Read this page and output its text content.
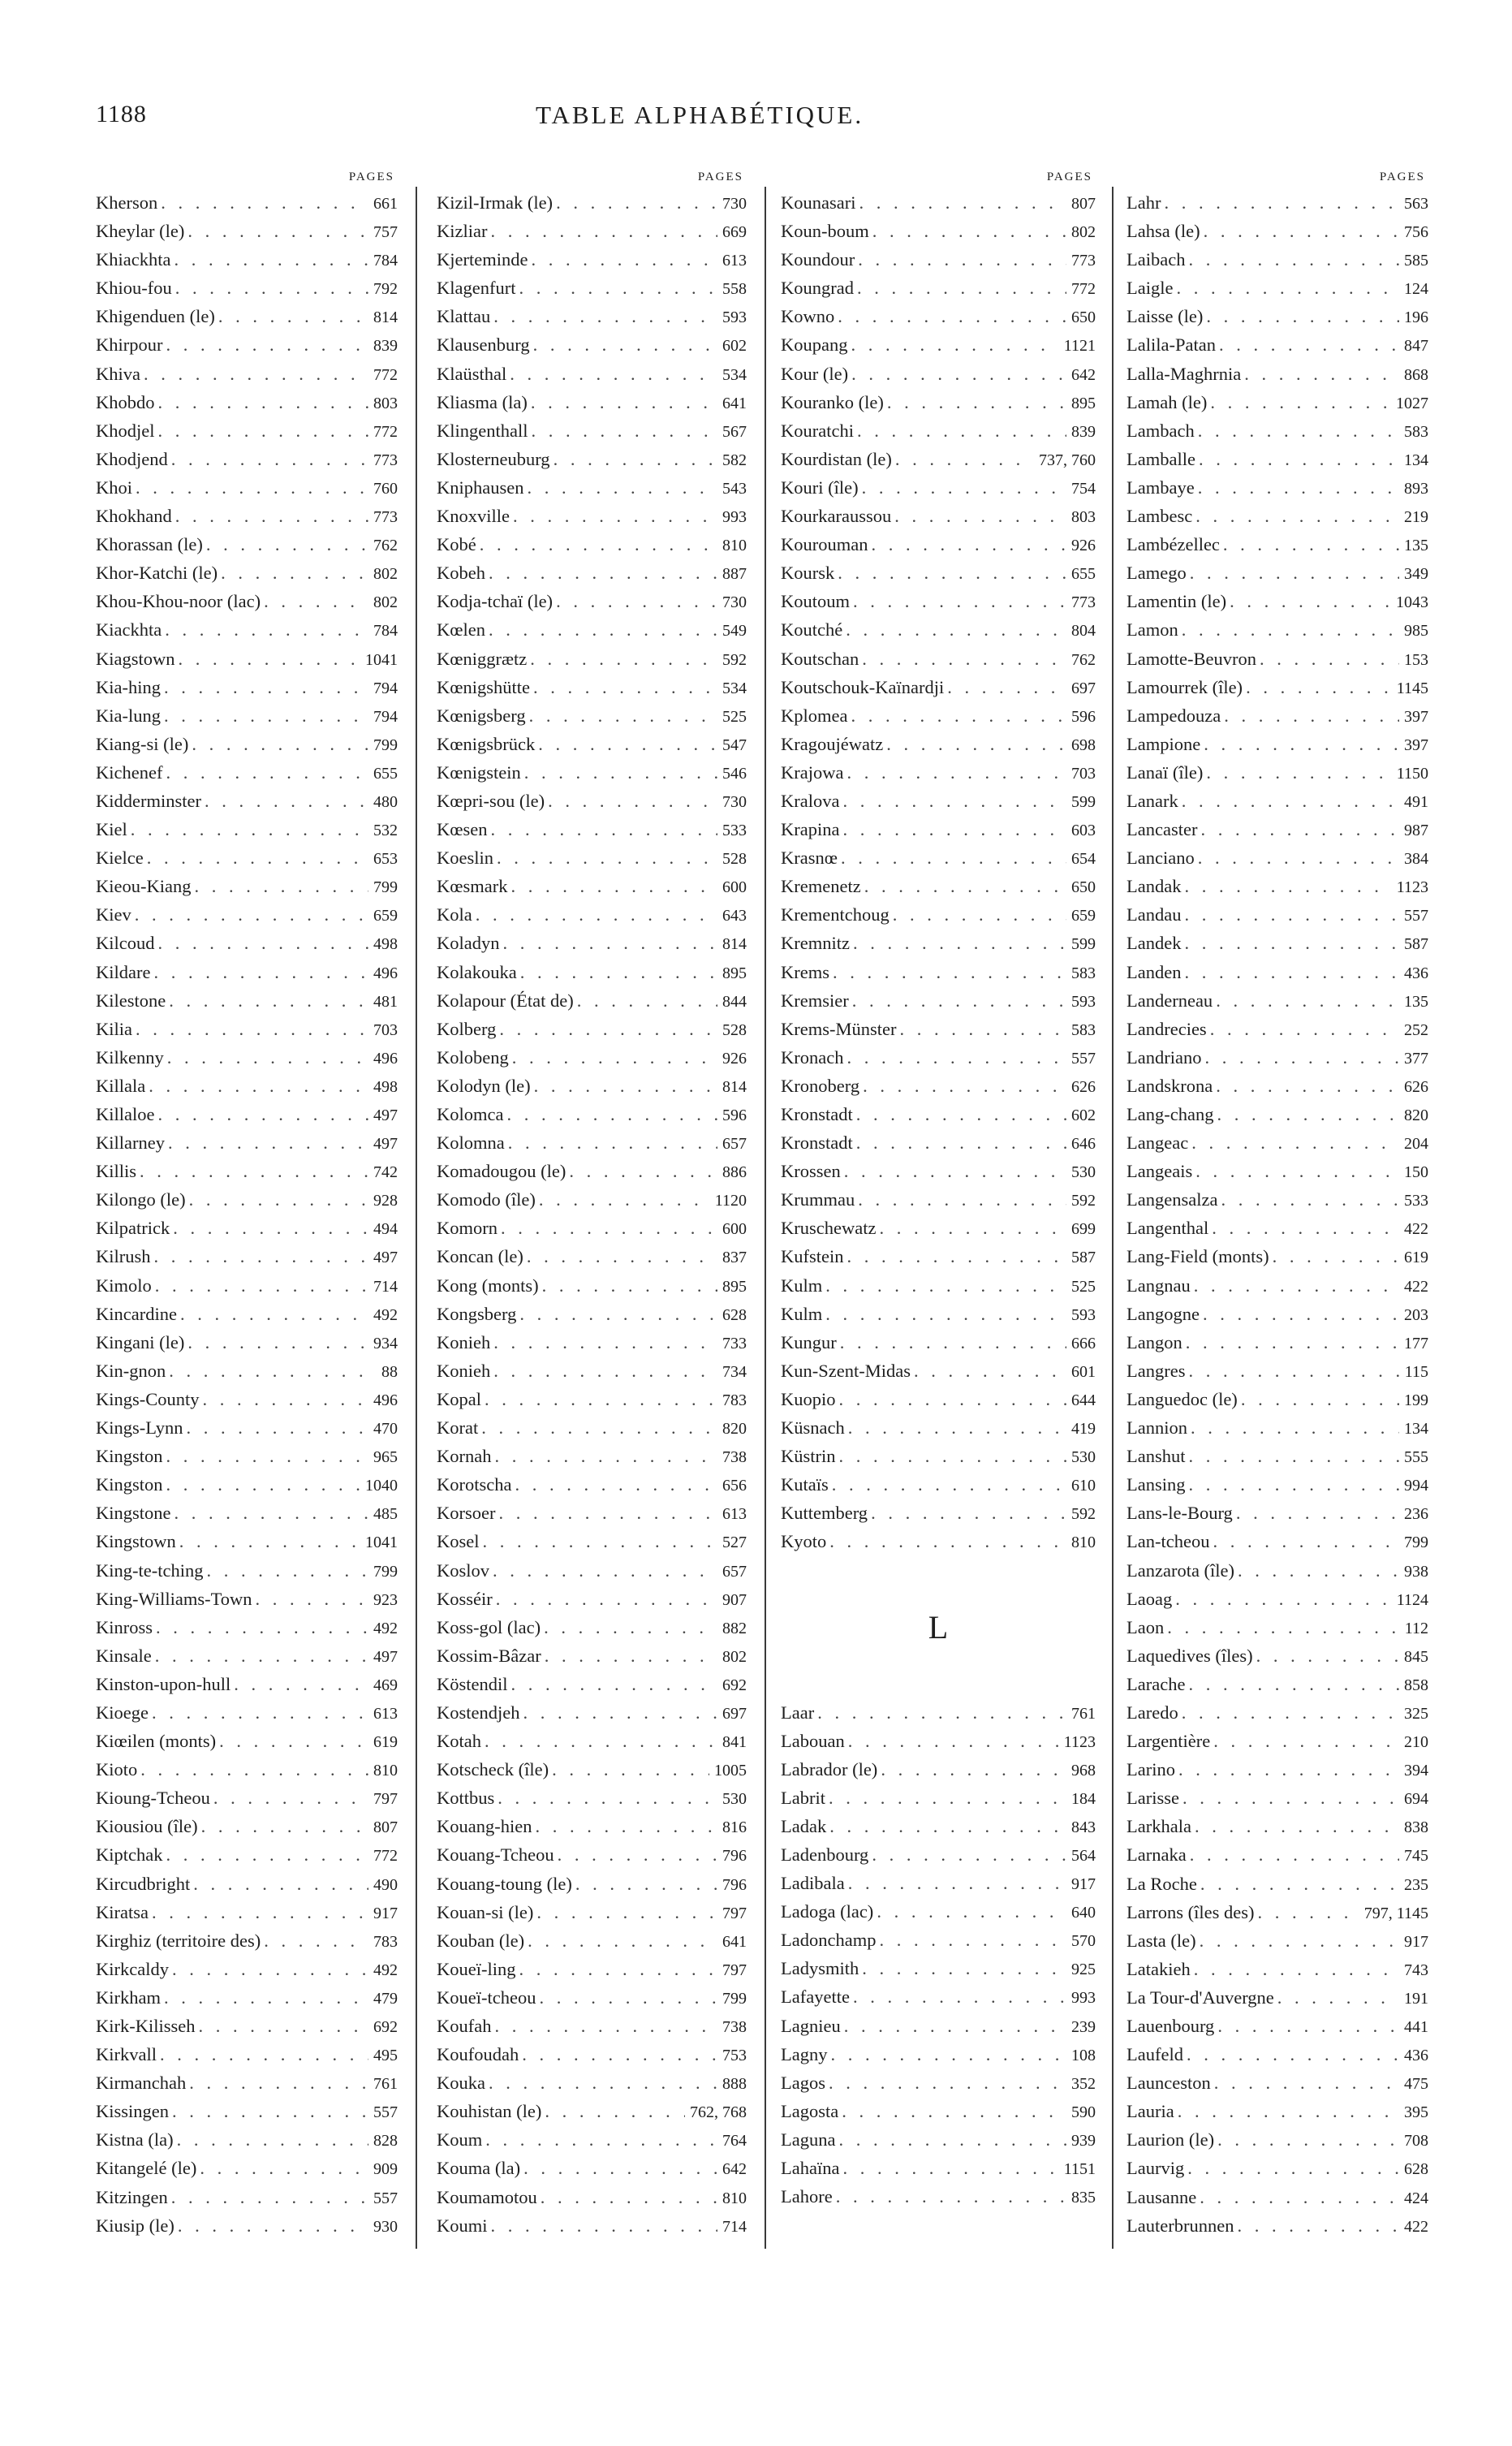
1188	TABLE ALPHABÉTIQUE.
PAGES
Kherson . . .	661
Kheylar (le) . . .	757
Khiackhta . . .	784
Khiou-fou . . .	792
Khigenduen (le) . . .	814
Khirpour . . .	839
Khiva . . .	772
Khobdo . . .	803
Khodjel . . .	772
Khodjend . . .	773
Khoi . . .	760
Khokhand . . .	773
Khorassan (le) . . .	762
Khor-Katchi (le) . . .	802
Khou-Khou-noor (lac) . . .	802
Kiackhta . . .	784
Kiagstown . . .	1041
Kia-hing . . .	794
Kia-lung . . .	794
Kiang-si (le) . . .	799
Kichenef . . .	655
Kidderminster . . .	480
Kiel . . .	532
Kielce . . .	653
Kieou-Kiang . . .	799
Kiev . . .	659
Kilcoud . . .	498
Kildare . . .	496
Kilestone . . .	481
Kilia . . .	703
Kilkenny . . .	496
Killala . . .	498
Killaloe . . .	497
Killarney . . .	497
Killis . . .	742
Kilongo (le) . . .	928
Kilpatrick . . .	494
Kilrush . . .	497
Kimolo . . .	714
Kincardine . . .	492
Kingani (le) . . .	934
Kin-gnon . . .	88
Kings-County . . .	496
Kings-Lynn . . .	470
Kingston . . .	965
Kingston . . .	1040
Kingstone . . .	485
Kingstown . . .	1041
King-te-tching . . .	799
King-Williams-Town . . .	923
Kinross . . .	492
Kinsale . . .	497
Kinston-upon-hull . . .	469
Kioege . . .	613
Kiœilen (monts) . . .	619
Kioto . . .	810
Kioung-Tcheou . . .	797
Kiousiou (île) . . .	807
Kiptchak . . .	772
Kircudbright . . .	490
Kiratsa . . .	917
Kirghiz (territoire des) . . .	783
Kirkcaldy . . .	492
Kirkham . . .	479
Kirk-Kilisseh . . .	692
Kirkvall . . .	495
Kirmanchah . . .	761
Kissingen . . .	557
Kistna (la) . . .	828
Kitangelé (le) . . .	909
Kitzingen . . .	557
Kiusip (le) . . .	930
PAGES
Kizil-Irmak (le) . . .	730
Kizliar . . .	669
Kjerteminde . . .	613
Klagenfurt . . .	558
Klattau . . .	593
Klausenburg . . .	602
Klaüsthal . . .	534
Kliasma (la) . . .	641
Klingenthall . . .	567
Klosterneuburg . . .	582
Kniphausen . . .	543
Knoxville . . .	993
Kobé . . .	810
Kobeh . . .	887
Kodja-tchaï (le) . . .	730
Kœlen . . .	549
Kœniggrætz . . .	592
Kœnigshütte . . .	534
Kœnigsberg . . .	525
Kœnigsbrück . . .	547
Kœnigstein . . .	546
Kœpri-sou (le) . . .	730
Kœsen . . .	533
Koeslin . . .	528
Kœsmark . . .	600
Kola . . .	643
Koladyn . . .	814
Kolakouka . . .	895
Kolapour (État de) . . .	844
Kolberg . . .	528
Kolobeng . . .	926
Kolodyn (le) . . .	814
Kolomca . . .	596
Kolomna . . .	657
Komadougou (le) . . .	886
Komodo (île) . . .	1120
Komorn . . .	600
Koncan (le) . . .	837
Kong (monts) . . .	895
Kongsberg . . .	628
Konieh . . .	733
Konieh . . .	734
Kopal . . .	783
Korat . . .	820
Kornah . . .	738
Korotscha . . .	656
Korsoer . . .	613
Kosel . . .	527
Koslov . . .	657
Kosséir . . .	907
Koss-gol (lac) . . .	882
Kossim-Bâzar . . .	802
Köstendil . . .	692
Kostendjeh . . .	697
Kotah . . .	841
Kotscheck (île) . . .	1005
Kottbus . . .	530
Kouang-hien . . .	816
Kouang-Tcheou . . .	796
Kouang-toung (le) . . .	796
Kouan-si (le) . . .	797
Kouban (le) . . .	641
Koueï-ling . . .	797
Koueï-tcheou . . .	799
Koufah . . .	738
Koufoudah . . .	753
Kouka . . .	888
Kouhistan (le) . . .	762, 768
Koum . . .	764
Kouma (la) . . .	642
Koumamotou . . .	810
Koumi . . .	714
PAGES
Kounasari . . .	807
Koun-boum . . .	802
Koundour . . .	773
Koungrad . . .	772
Kowno . . .	650
Koupang . . .	1121
Kour (le) . . .	642
Kouranko (le) . . .	895
Kouratchi . . .	839
Kourdistan (le) . . .	737, 760
Kouri (île) . . .	754
Kourkaraussou . . .	803
Kourouman . . .	926
Koursk . . .	655
Koutoum . . .	773
Koutché . . .	804
Koutschan . . .	762
Koutschouk-Kaïnardji . . .	697
Kplomea . . .	596
Kragoujéwatz . . .	698
Krajowa . . .	703
Kralova . . .	599
Krapina . . .	603
Krasnœ . . .	654
Kremenetz . . .	650
Krementchoug . . .	659
Kremnitz . . .	599
Krems . . .	583
Kremsier . . .	593
Krems-Münster . . .	583
Kronach . . .	557
Kronoberg . . .	626
Kronstadt . . .	602
Kronstadt . . .	646
Krossen . . .	530
Krummau . . .	592
Kruschewatz . . .	699
Kufstein . . .	587
Kulm . . .	525
Kulm . . .	593
Kungur . . .	666
Kun-Szent-Midas . . .	601
Kuopio . . .	644
Küsnach . . .	419
Küstrin . . .	530
Kutaïs . . .	610
Kuttemberg . . .	592
Kyoto . . .	810
L
Laar . . .	761
Labouan . . .	1123
Labrador (le) . . .	968
Labrit . . .	184
Ladak . . .	843
Ladenbourg . . .	564
Ladibala . . .	917
Ladoga (lac) . . .	640
Ladonchamp . . .	570
Ladysmith . . .	925
Lafayette . . .	993
Lagnieu . . .	239
Lagny . . .	108
Lagos . . .	352
Lagosta . . .	590
Laguna . . .	939
Lahaïna . . .	1151
Lahore . . .	835
PAGES
Lahr . . .	563
Lahsa (le) . . .	756
Laibach . . .	585
Laigle . . .	124
Laisse (le) . . .	196
Lalila-Patan . . .	847
Lalla-Maghrnia . . .	868
Lamah (le) . . .	1027
Lambach . . .	583
Lamballe . . .	134
Lambaye . . .	893
Lambesc . . .	219
Lambézellec . . .	135
Lamego . . .	349
Lamentin (le) . . .	1043
Lamon . . .	985
Lamotte-Beuvron . . .	153
Lamourrek (île) . . .	1145
Lampedouza . . .	397
Lampione . . .	397
Lanaï (île) . . .	1150
Lanark . . .	491
Lancaster . . .	987
Lanciano . . .	384
Landak . . .	1123
Landau . . .	557
Landek . . .	587
Landen . . .	436
Landerneau . . .	135
Landrecies . . .	252
Landriano . . .	377
Landskrona . . .	626
Lang-chang . . .	820
Langeac . . .	204
Langeais . . .	150
Langensalza . . .	533
Langenthal . . .	422
Lang-Field (monts) . . .	619
Langnau . . .	422
Langogne . . .	203
Langon . . .	177
Langres . . .	115
Languedoc (le) . . .	199
Lannion . . .	134
Lanshut . . .	555
Lansing . . .	994
Lans-le-Bourg . . .	236
Lan-tcheou . . .	799
Lanzarota (île) . . .	938
Laoag . . .	1124
Laon . . .	112
Laquedives (îles) . . .	845
Larache . . .	858
Laredo . . .	325
Largentière . . .	210
Larino . . .	394
Larisse . . .	694
Larkhala . . .	838
Larnaka . . .	745
La Roche . . .	235
Larrons (îles des) . . .	797, 1145
Lasta (le) . . .	917
Latakieh . . .	743
La Tour-d'Auvergne . . .	191
Lauenbourg . . .	441
Laufeld . . .	436
Launceston . . .	475
Lauria . . .	395
Laurion (le) . . .	708
Laurvig . . .	628
Lausanne . . .	424
Lauterbrunnen . . .	422
